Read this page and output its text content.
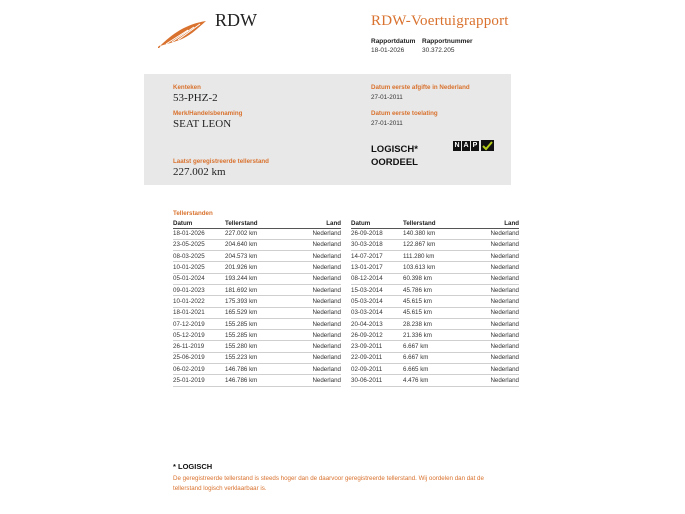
RDW	RDW-Voertuigrapport
Rapportdatum
18-01-2026
Rapportnummer
30.372.205
Kenteken
53-PHZ-2
Merk/Handelsbenaming
SEAT LEON
Laatst geregistreerde tellerstand
227.002 km
Datum eerste afgifte in Nederland
27-01-2011
Datum eerste toelating
27-01-2011
LOGISCH*
OORDEEL
N A P
Tellerstanden
Datum	Tellerstand	Land
18-01-2026	227.002 km	Nederland
23-05-2025	204.640 km	Nederland
08-03-2025	204.573 km	Nederland
10-01-2025	201.926 km	Nederland
05-01-2024	193.244 km	Nederland
09-01-2023	181.692 km	Nederland
10-01-2022	175.393 km	Nederland
18-01-2021	165.529 km	Nederland
07-12-2019	155.285 km	Nederland
05-12-2019	155.285 km	Nederland
26-11-2019	155.280 km	Nederland
25-06-2019	155.223 km	Nederland
06-02-2019	146.786 km	Nederland
25-01-2019	146.786 km	Nederland
Datum	Tellerstand	Land
26-09-2018	140.380 km	Nederland
30-03-2018	122.867 km	Nederland
14-07-2017	111.280 km	Nederland
13-01-2017	103.613 km	Nederland
08-12-2014	60.398 km	Nederland
15-03-2014	45.786 km	Nederland
05-03-2014	45.615 km	Nederland
03-03-2014	45.615 km	Nederland
20-04-2013	28.238 km	Nederland
26-09-2012	21.336 km	Nederland
23-09-2011	6.667 km	Nederland
22-09-2011	6.667 km	Nederland
02-09-2011	6.665 km	Nederland
30-06-2011	4.476 km	Nederland
* LOGISCH
De geregistreerde tellerstand is steeds hoger dan de daarvoor geregistreerde tellerstand. Wij oordelen dan dat de tellerstand logisch verklaarbaar is.
